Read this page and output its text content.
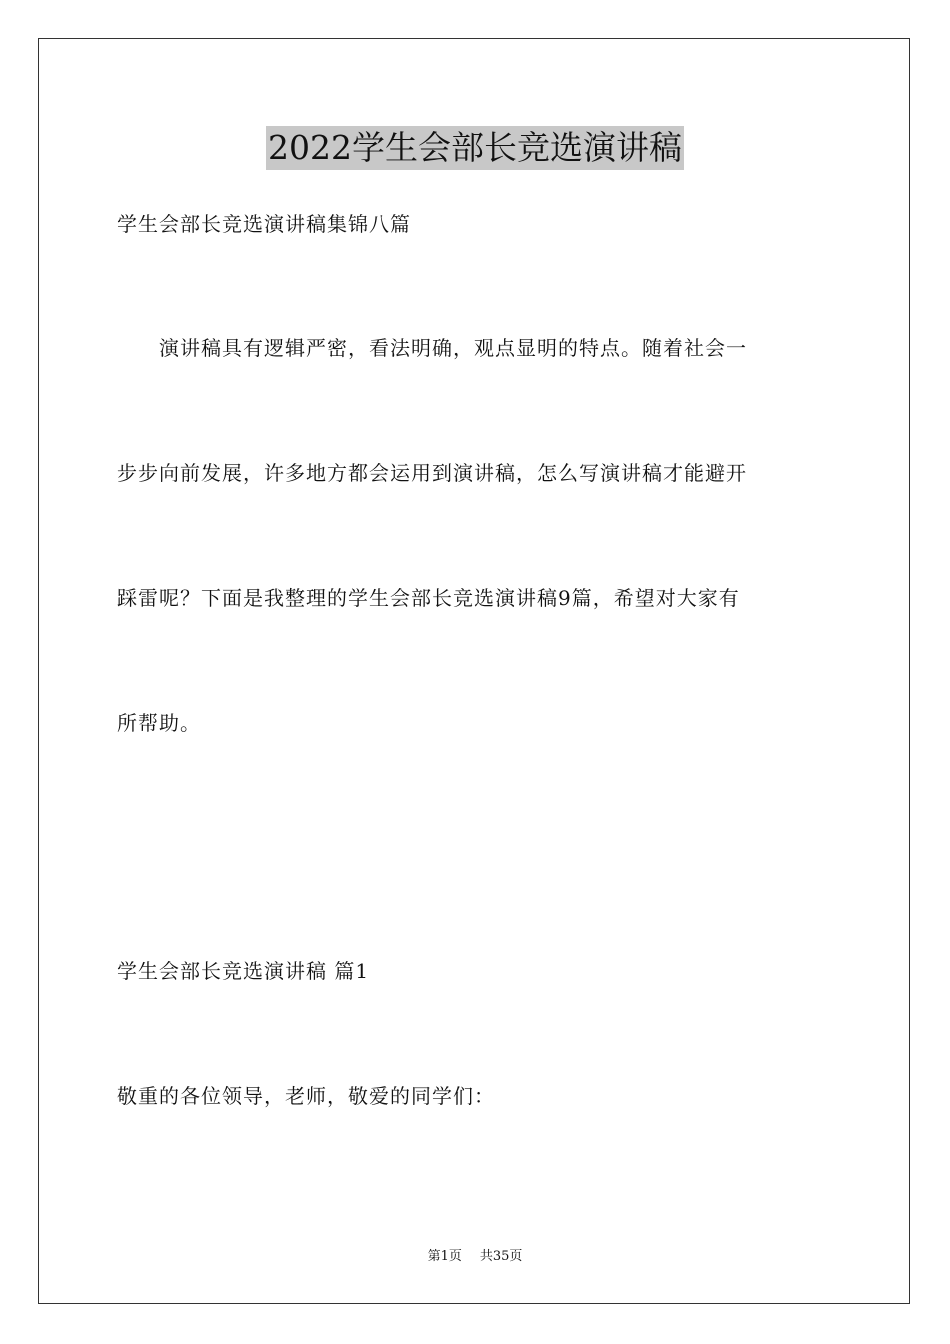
2022学生会部长竞选演讲稿
学生会部长竞选演讲稿集锦八篇
　　演讲稿具有逻辑严密，看法明确，观点显明的特点。随着社会一
步步向前发展，许多地方都会运用到演讲稿，怎么写演讲稿才能避开
踩雷呢？下面是我整理的学生会部长竞选演讲稿9篇，希望对大家有
所帮助。
学生会部长竞选演讲稿 篇1
敬重的各位领导，老师，敬爱的同学们：
第1页 共35页
